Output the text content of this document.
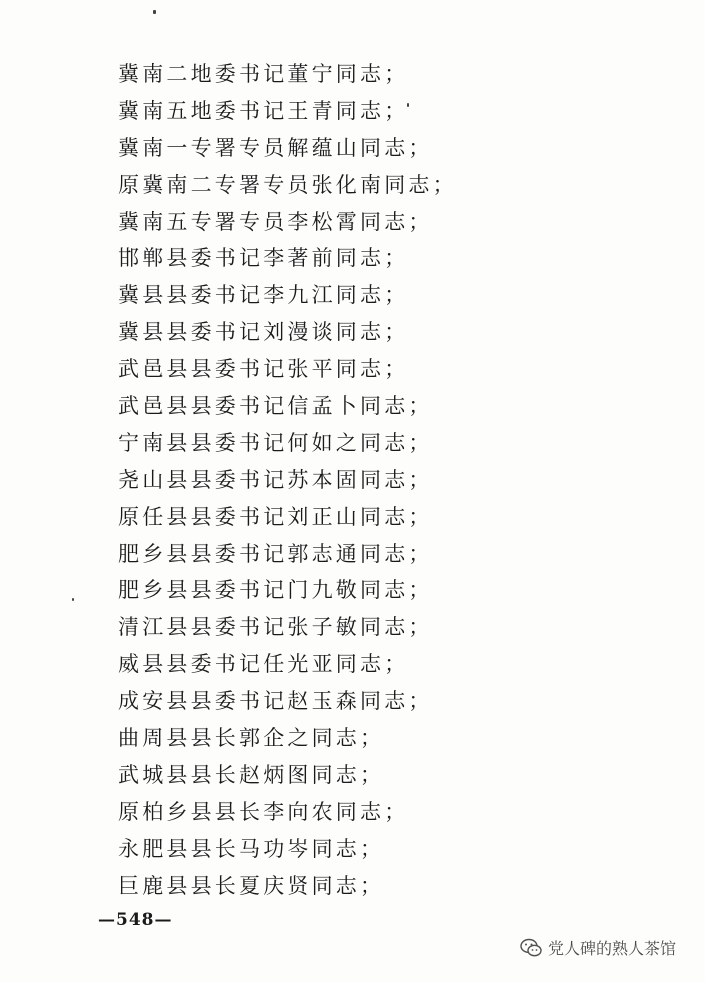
冀南二地委书记董宁同志；
冀南五地委书记王青同志；
冀南一专署专员解蕴山同志；
原冀南二专署专员张化南同志；
冀南五专署专员李松霄同志；
邯郸县委书记李著前同志；
冀县县委书记李九江同志；
冀县县委书记刘漫谈同志；
武邑县县委书记张平同志；
武邑县县委书记信孟卜同志；
宁南县县委书记何如之同志；
尧山县县委书记苏本固同志；
原任县县委书记刘正山同志；
肥乡县县委书记郭志通同志；
肥乡县县委书记门九敬同志；
清江县县委书记张子敏同志；
威县县委书记任光亚同志；
成安县县委书记赵玉森同志；
曲周县县长郭企之同志；
武城县县长赵炳图同志；
原柏乡县县长李向农同志；
永肥县县长马功岑同志；
巨鹿县县长夏庆贤同志；
—548—
党人碑的熟人茶馆
